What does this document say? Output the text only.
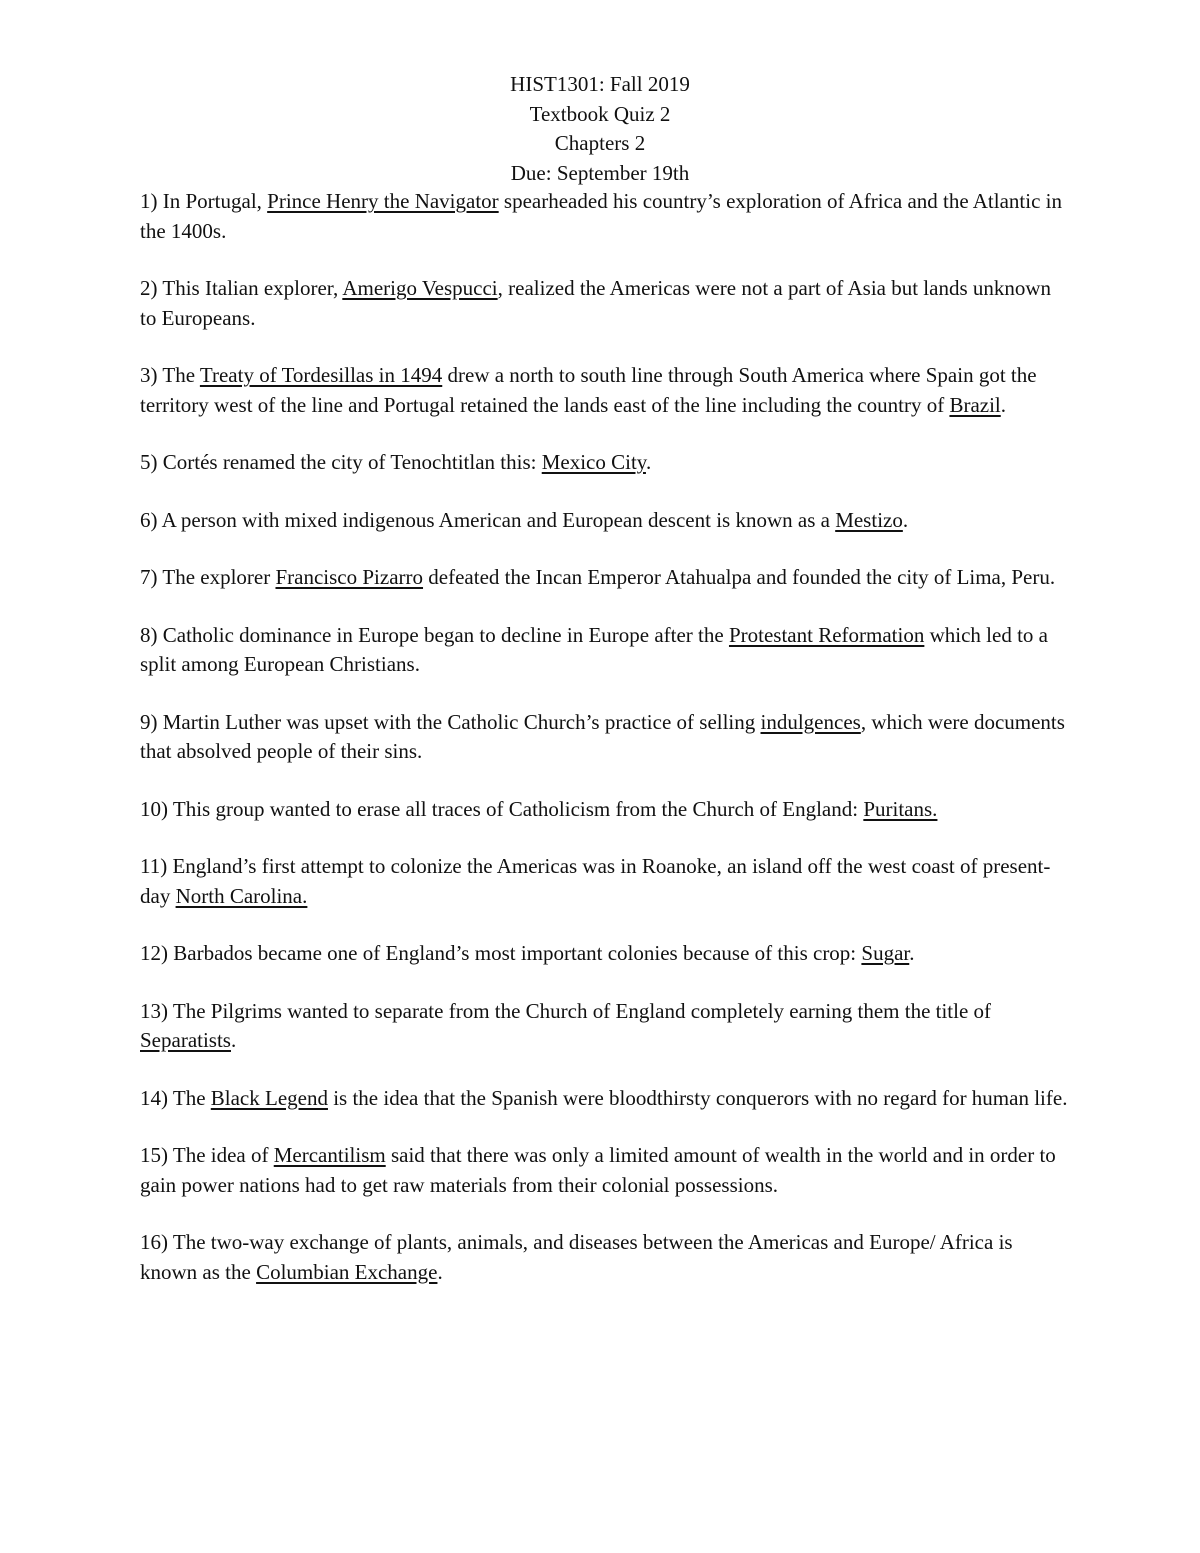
HIST1301: Fall 2019
Textbook Quiz 2
Chapters 2
Due: September 19th

1) In Portugal, Prince Henry the Navigator spearheaded his country’s exploration of Africa and the Atlantic in the 1400s.

2) This Italian explorer, Amerigo Vespucci, realized the Americas were not a part of Asia but lands unknown to Europeans.

3) The Treaty of Tordesillas in 1494 drew a north to south line through South America where Spain got the territory west of the line and Portugal retained the lands east of the line including the country of Brazil.

5) Cortés renamed the city of Tenochtitlan this: Mexico City.

6) A person with mixed indigenous American and European descent is known as a Mestizo.

7) The explorer Francisco Pizarro defeated the Incan Emperor Atahualpa and founded the city of Lima, Peru.

8) Catholic dominance in Europe began to decline in Europe after the Protestant Reformation which led to a split among European Christians.

9) Martin Luther was upset with the Catholic Church’s practice of selling indulgences, which were documents that absolved people of their sins.

10) This group wanted to erase all traces of Catholicism from the Church of England: Puritans.

11) England’s first attempt to colonize the Americas was in Roanoke, an island off the west coast of present-day North Carolina.

12) Barbados became one of England’s most important colonies because of this crop: Sugar.

13) The Pilgrims wanted to separate from the Church of England completely earning them the title of Separatists.

14) The Black Legend is the idea that the Spanish were bloodthirsty conquerors with no regard for human life.

15) The idea of Mercantilism said that there was only a limited amount of wealth in the world and in order to gain power nations had to get raw materials from their colonial possessions.

16) The two-way exchange of plants, animals, and diseases between the Americas and Europe/ Africa is known as the Columbian Exchange.
